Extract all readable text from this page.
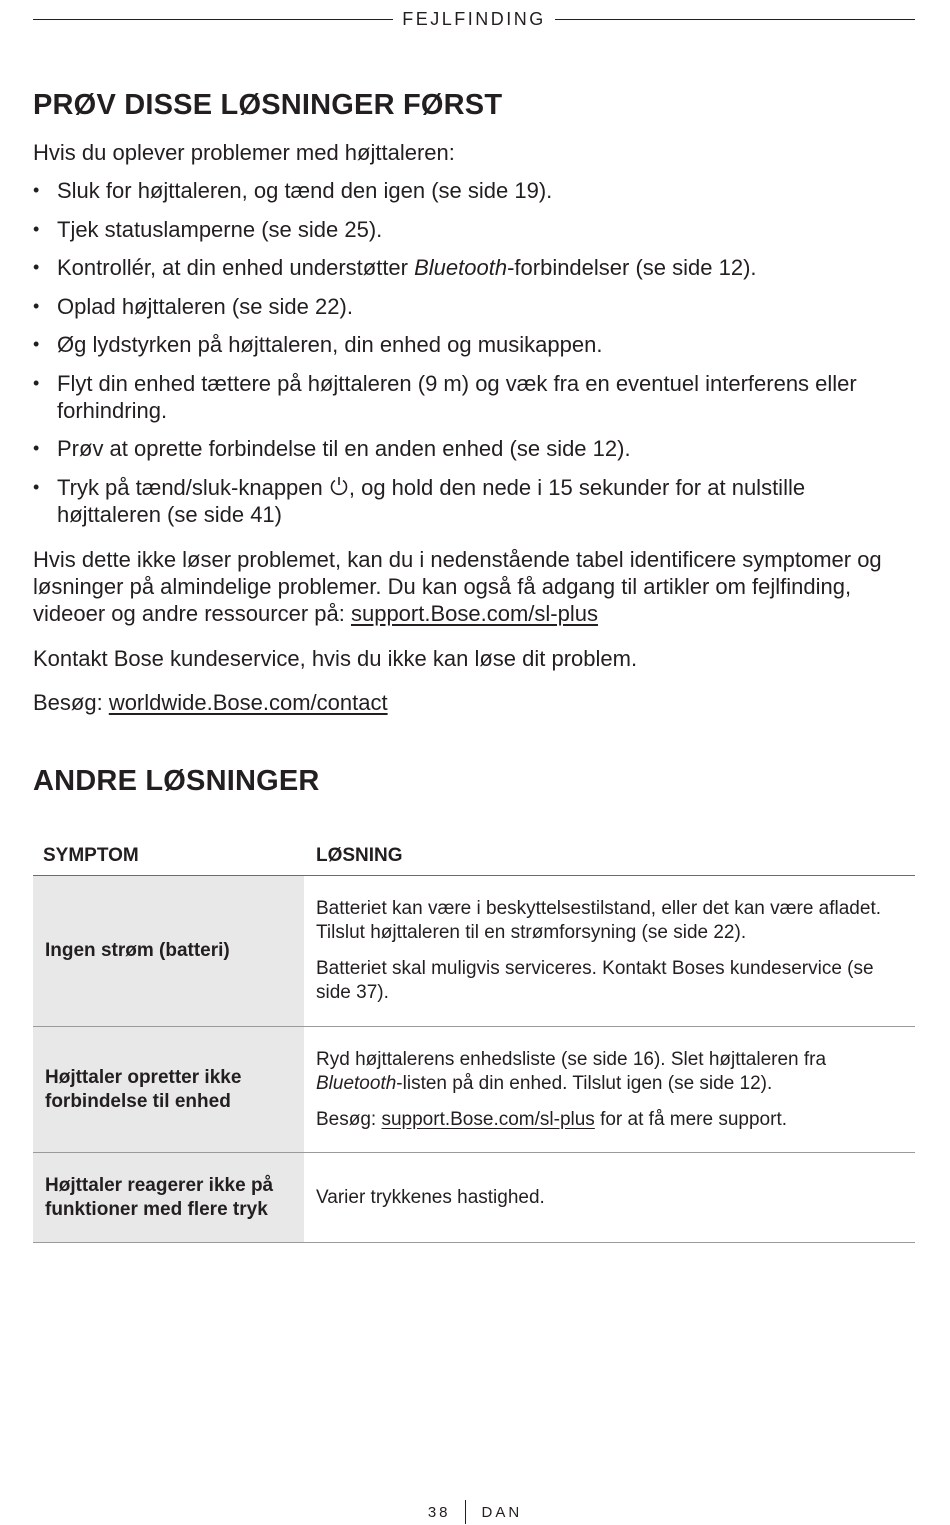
FEJLFINDING
PRØV DISSE LØSNINGER FØRST

Hvis du oplever problemer med højttaleren:

• Sluk for højttaleren, og tænd den igen (se side 19).
• Tjek statuslamperne (se side 25).
• Kontrollér, at din enhed understøtter Bluetooth-forbindelser (se side 12).
• Oplad højttaleren (se side 22).
• Øg lydstyrken på højttaleren, din enhed og musikappen.
• Flyt din enhed tættere på højttaleren (9 m) og væk fra en eventuel interferens eller forhindring.
• Prøv at oprette forbindelse til en anden enhed (se side 12).
• Tryk på tænd/sluk-knappen , og hold den nede i 15 sekunder for at nulstille højttaleren (se side 41)

Hvis dette ikke løser problemet, kan du i nedenstående tabel identificere symptomer og løsninger på almindelige problemer. Du kan også få adgang til artikler om fejlfinding, videoer og andre ressourcer på: support.Bose.com/sl-plus

Kontakt Bose kundeservice, hvis du ikke kan løse dit problem.

Besøg: worldwide.Bose.com/contact

ANDRE LØSNINGER
SYMPTOM	LØSNING
Ingen strøm (batteri)	Batteriet kan være i beskyttelsestilstand, eller det kan være afladet. Tilslut højttaleren til en strømforsyning (se side 22).

Batteriet skal muligvis serviceres. Kontakt Boses kundeservice (se side 37).

Højttaler opretter ikke forbindelse til enhed	Ryd højttalerens enhedsliste (se side 16). Slet højttaleren fra Bluetooth-listen på din enhed. Tilslut igen (se side 12).

Besøg: support.Bose.com/sl-plus for at få mere support.

Højttaler reagerer ikke på funktioner med flere tryk	Varier trykkenes hastighed.

38 DAN
